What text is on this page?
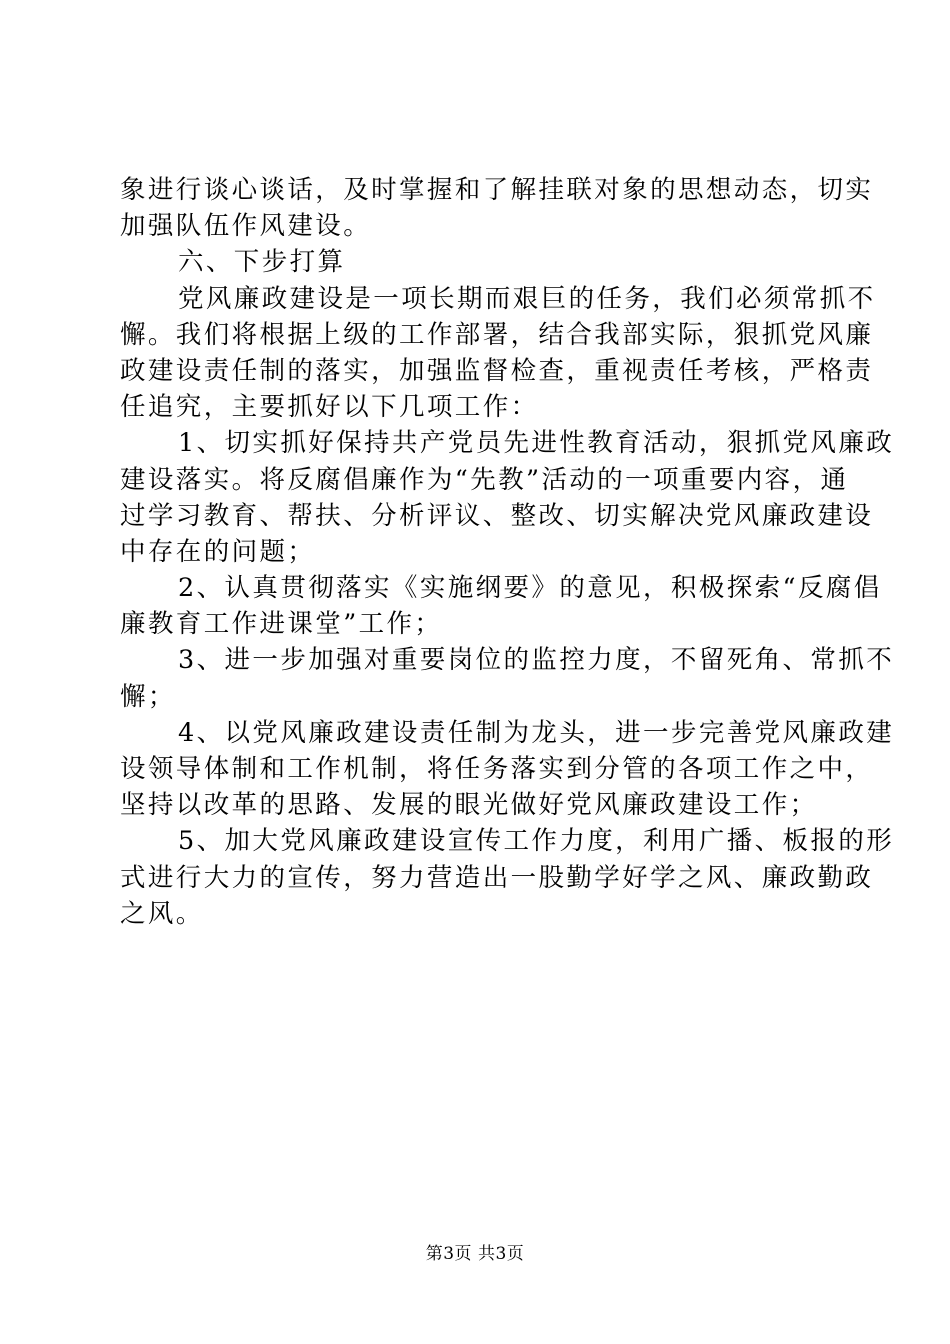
象进行谈心谈话，及时掌握和了解挂联对象的思想动态，切实
加强队伍作风建设。

六、下步打算

党风廉政建设是一项长期而艰巨的任务，我们必须常抓不
懈。我们将根据上级的工作部署，结合我部实际，狠抓党风廉
政建设责任制的落实，加强监督检查，重视责任考核，严格责
任追究，主要抓好以下几项工作：

1、切实抓好保持共产党员先进性教育活动，狠抓党风廉政
建设落实。将反腐倡廉作为“先教”活动的一项重要内容，通
过学习教育、帮扶、分析评议、整改、切实解决党风廉政建设
中存在的问题；

2、认真贯彻落实《实施纲要》的意见，积极探索“反腐倡
廉教育工作进课堂”工作；

3、进一步加强对重要岗位的监控力度，不留死角、常抓不
懈；

4、以党风廉政建设责任制为龙头，进一步完善党风廉政建
设领导体制和工作机制，将任务落实到分管的各项工作之中，
坚持以改革的思路、发展的眼光做好党风廉政建设工作；

5、加大党风廉政建设宣传工作力度，利用广播、板报的形
式进行大力的宣传，努力营造出一股勤学好学之风、廉政勤政
之风。

第3页 共3页
